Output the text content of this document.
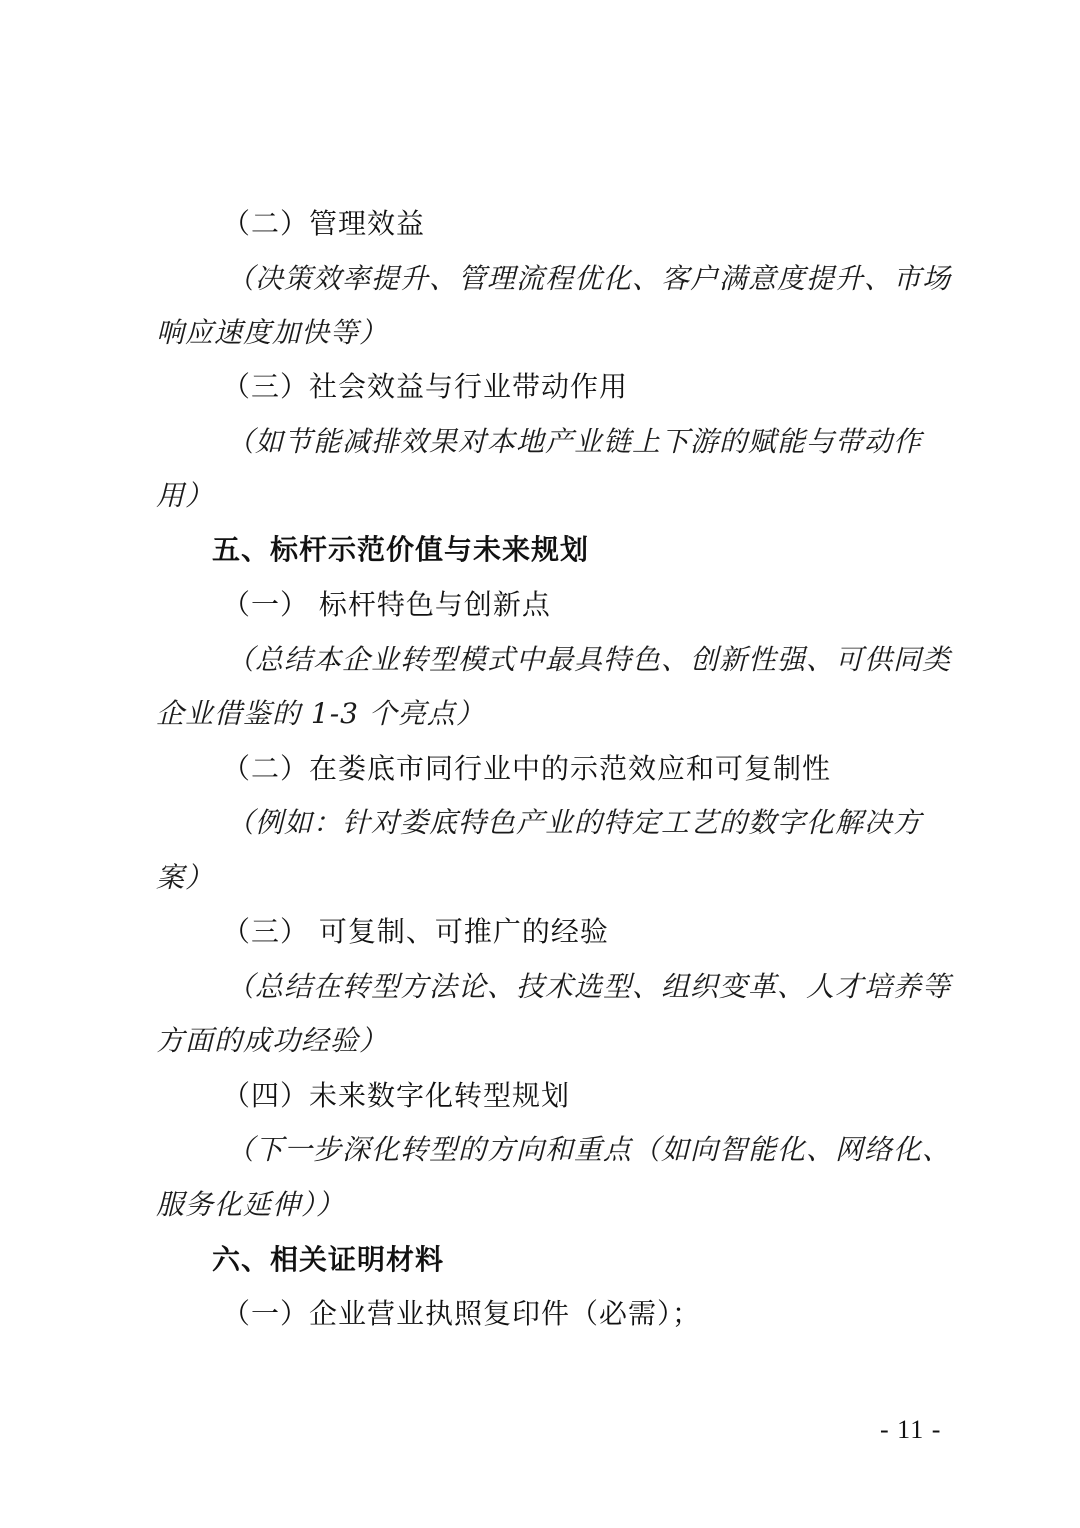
（二）管理效益
（决策效率提升、管理流程优化、客户满意度提升、市场
响应速度加快等）
（三）社会效益与行业带动作用
（如节能减排效果对本地产业链上下游的赋能与带动作
用）
五、标杆示范价值与未来规划
（一） 标杆特色与创新点
（总结本企业转型模式中最具特色、创新性强、可供同类
企业借鉴的 1-3 个亮点）
（二）在娄底市同行业中的示范效应和可复制性
（例如：针对娄底特色产业的特定工艺的数字化解决方
案）
（三） 可复制、可推广的经验
（总结在转型方法论、技术选型、组织变革、人才培养等
方面的成功经验）
（四）未来数字化转型规划
（下一步深化转型的方向和重点（如向智能化、网络化、
服务化延伸））
六、相关证明材料
（一）企业营业执照复印件（必需）；
- 11 -
